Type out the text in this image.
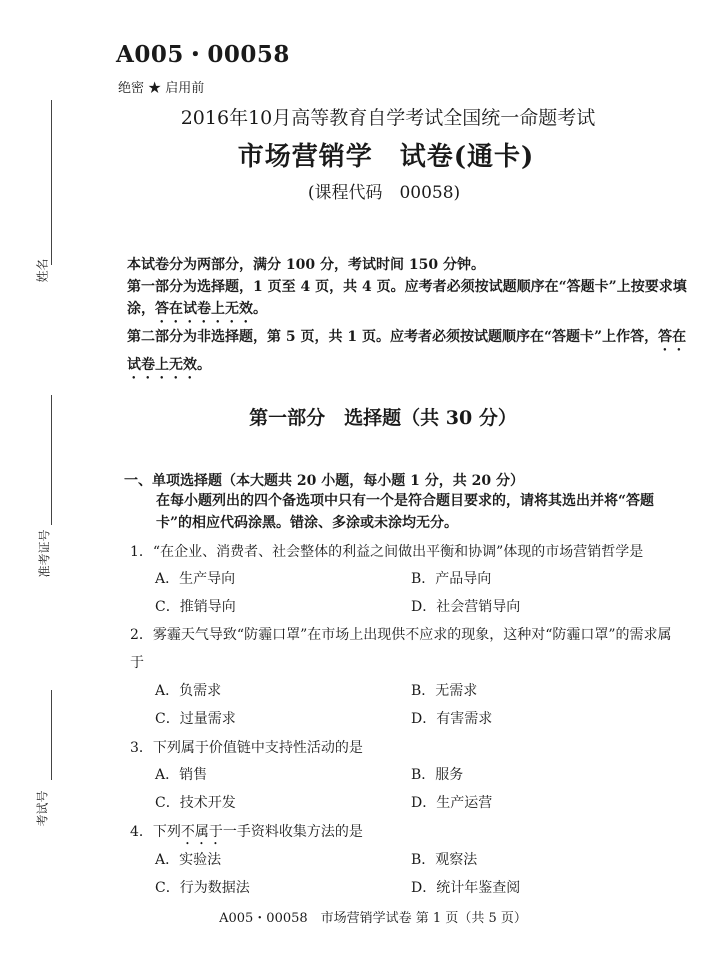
姓名
准考证号
考试号
A005・00058
绝密 ★ 启用前
2016年10月高等教育自学考试全国统一命题考试
市场营销学　试卷(通卡)
(课程代码　00058)

本试卷分为两部分，满分 100 分，考试时间 150 分钟。

第一部分为选择题，1 页至 4 页，共 4 页。应考者必须按试题顺序在“答题卡”上按要求填涂，答在试卷上无效。

第二部分为非选择题，第 5 页，共 1 页。应考者必须按试题顺序在“答题卡”上作答，答在试卷上无效。

第一部分　选择题（共 30 分）
一、单项选择题（本大题共 20 小题，每小题 1 分，共 20 分）
在每小题列出的四个备选项中只有一个是符合题目要求的，请将其选出并将“答题卡”的相应代码涂黑。错涂、多涂或未涂均无分。
1．“在企业、消费者、社会整体的利益之间做出平衡和协调”体现的市场营销哲学是
A．生产导向	B．产品导向
C．推销导向	D．社会营销导向
2．雾霾天气导致“防霾口罩”在市场上出现供不应求的现象，这种对“防霾口罩”的需求属于
A．负需求	B．无需求
C．过量需求	D．有害需求
3．下列属于价值链中支持性活动的是
A．销售	B．服务
C．技术开发	D．生产运营
4．下列不属于一手资料收集方法的是
A．实验法	B．观察法
C．行为数据法	D．统计年鉴查阅
A005・00058　市场营销学试卷 第 1 页（共 5 页）
